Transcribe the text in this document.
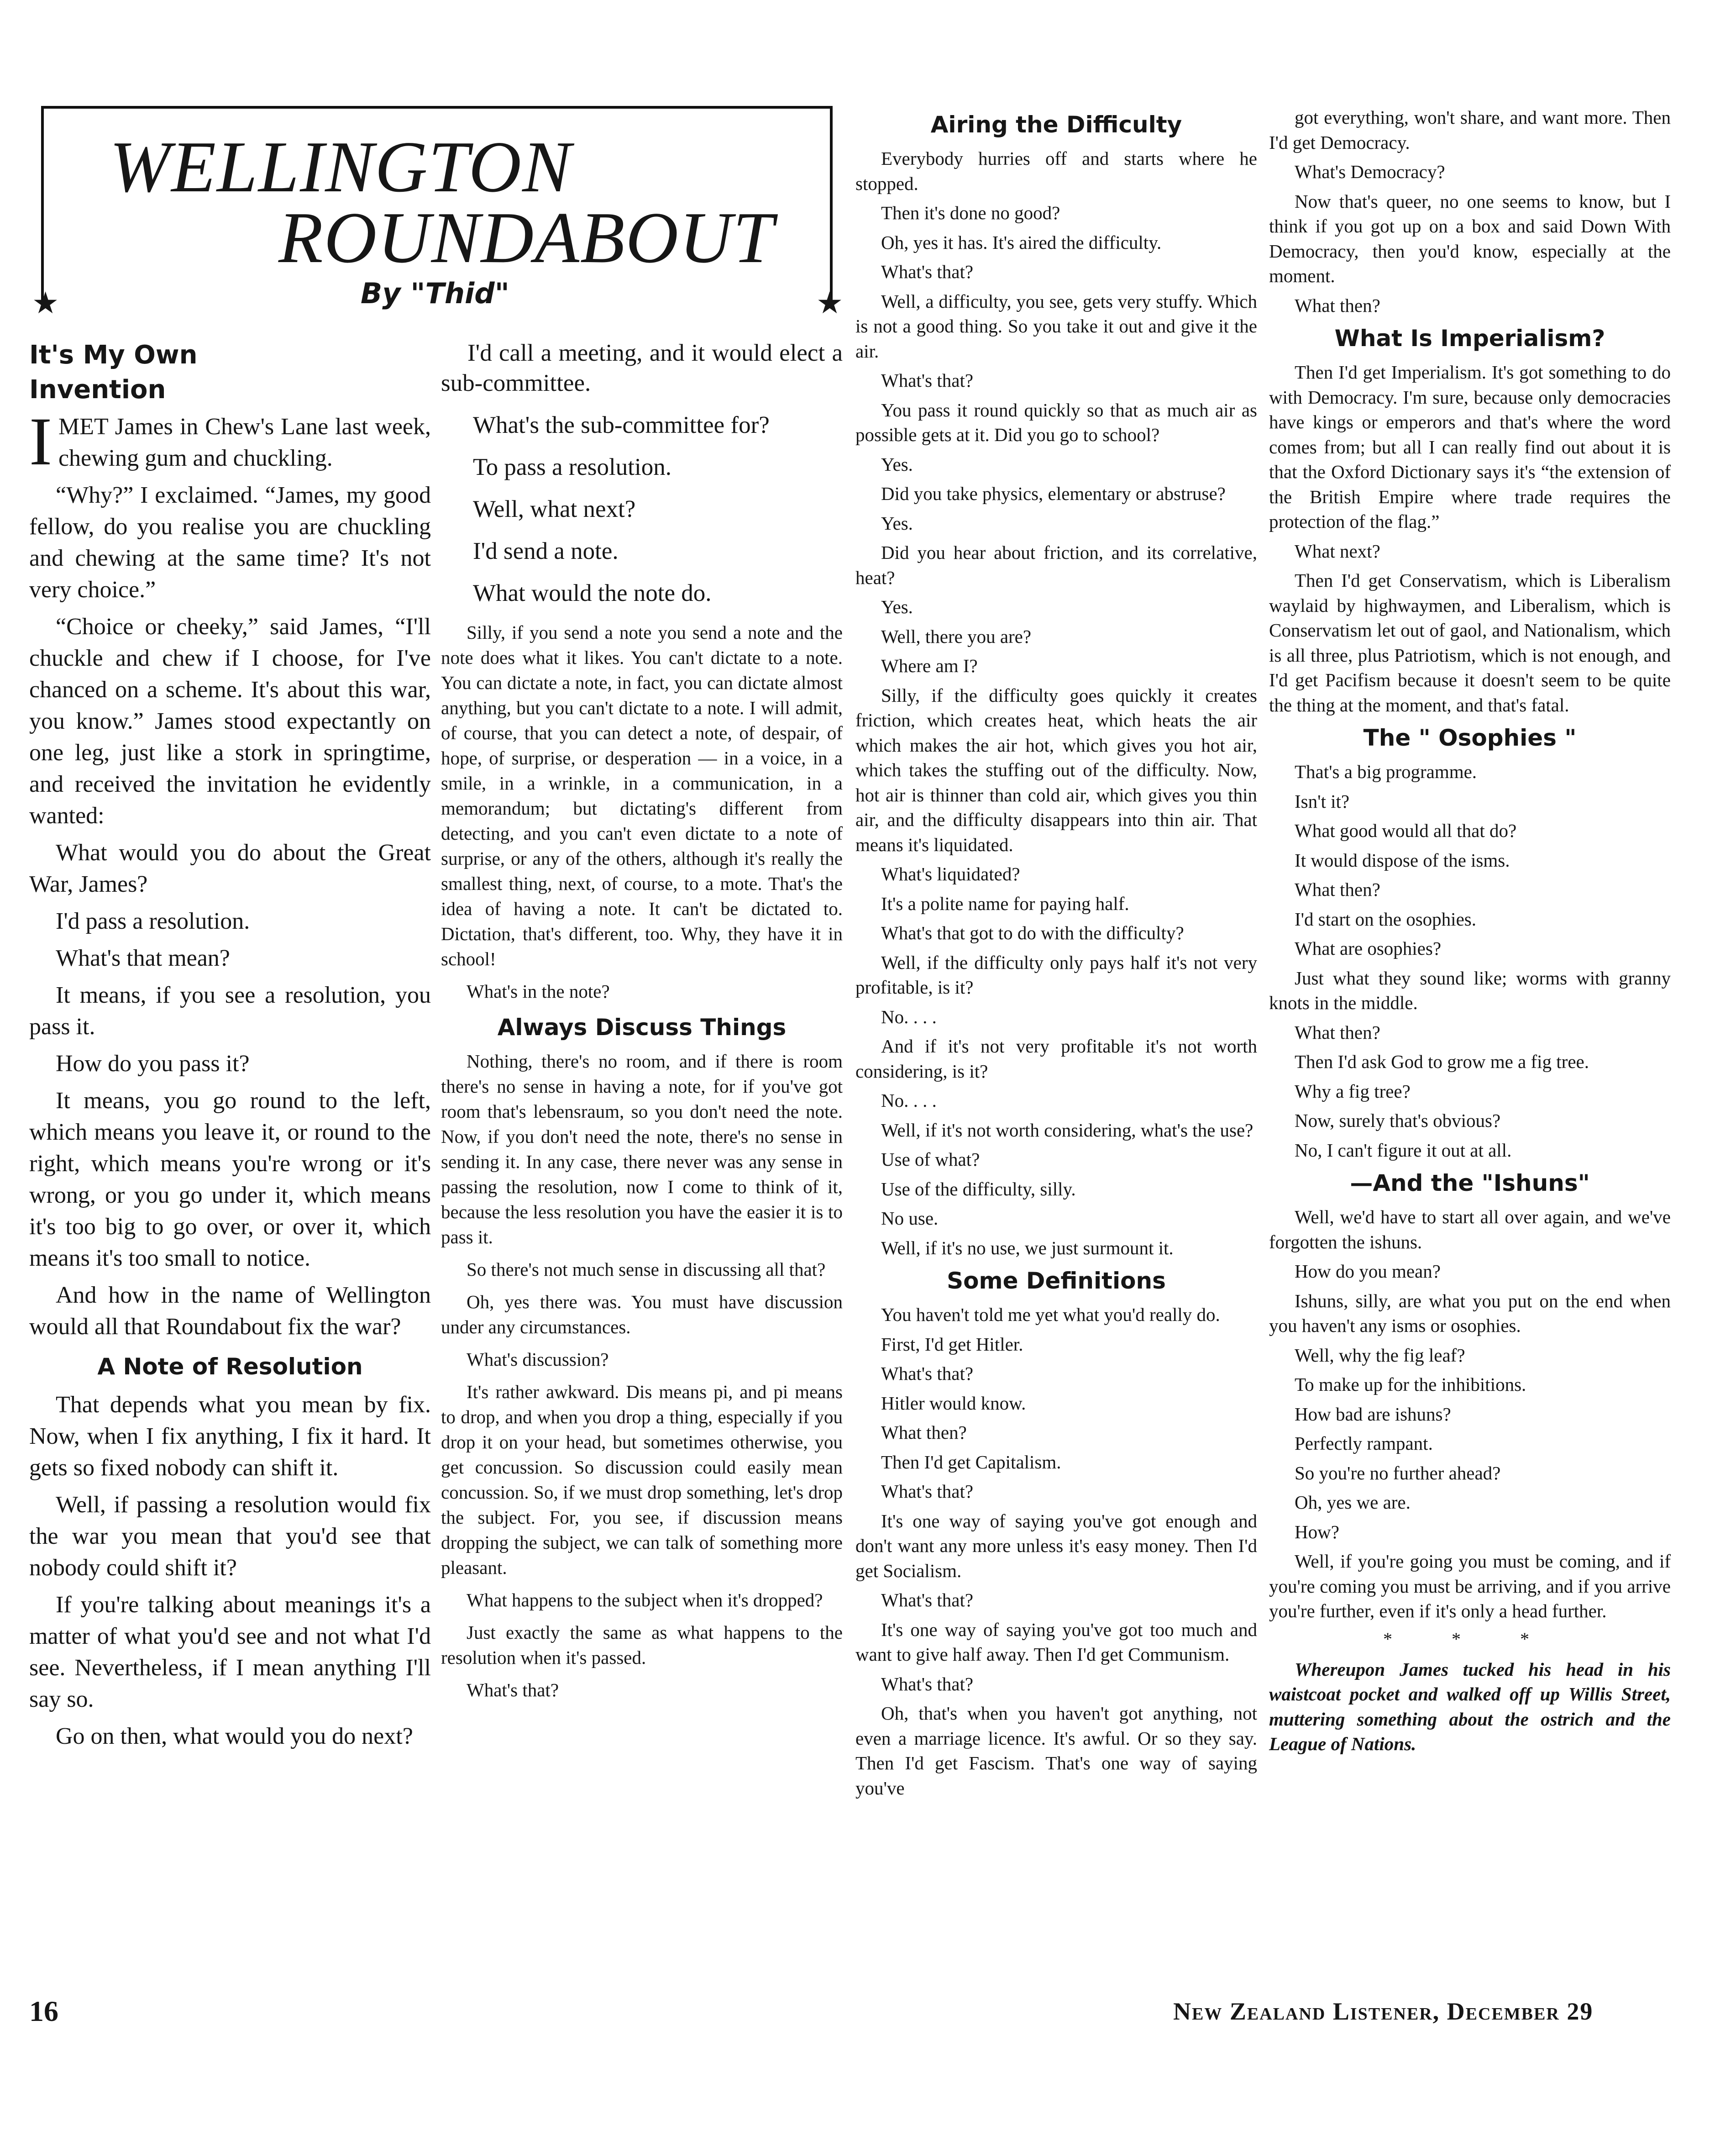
★	★
WELLINGTON
ROUNDABOUT
By "Thid"
It's My Own Invention

IMET James in Chew's Lane last week, chewing gum and chuckling.

“Why?” I exclaimed. “James, my good fellow, do you realise you are chuckling and chewing at the same time? It's not very choice.”

“Choice or cheeky,” said James, “I'll chuckle and chew if I choose, for I've chanced on a scheme. It's about this war, you know.” James stood expectantly on one leg, just like a stork in springtime, and received the invitation he evidently wanted:

What would you do about the Great War, James?

I'd pass a resolution.

What's that mean?

It means, if you see a resolution, you pass it.

How do you pass it?

It means, you go round to the left, which means you leave it, or round to the right, which means you're wrong or it's wrong, or you go under it, which means it's too big to go over, or over it, which means it's too small to notice.

And how in the name of Wellington would all that Roundabout fix the war?

A Note of Resolution

That depends what you mean by fix. Now, when I fix anything, I fix it hard. It gets so fixed nobody can shift it.

Well, if passing a resolution would fix the war you mean that you'd see that nobody could shift it?

If you're talking about meanings it's a matter of what you'd see and not what I'd see. Nevertheless, if I mean anything I'll say so.

Go on then, what would you do next?

I'd call a meeting, and it would elect a sub-committee.

What's the sub-committee for?

To pass a resolution.

Well, what next?

I'd send a note.

What would the note do.

Silly, if you send a note you send a note and the note does what it likes. You can't dictate to a note. You can dictate a note, in fact, you can dictate almost anything, but you can't dictate to a note. I will admit, of course, that you can detect a note, of despair, of hope, of surprise, or desperation — in a voice, in a smile, in a wrinkle, in a communication, in a memorandum; but dictating's different from detecting, and you can't even dictate to a note of surprise, or any of the others, although it's really the smallest thing, next, of course, to a mote. That's the idea of having a note. It can't be dictated to. Dictation, that's different, too. Why, they have it in school!

What's in the note?

Always Discuss Things

Nothing, there's no room, and if there is room there's no sense in having a note, for if you've got room that's lebensraum, so you don't need the note. Now, if you don't need the note, there's no sense in sending it. In any case, there never was any sense in passing the resolution, now I come to think of it, because the less resolution you have the easier it is to pass it.

So there's not much sense in discussing all that?

Oh, yes there was. You must have discussion under any circumstances.

What's discussion?

It's rather awkward. Dis means pi, and pi means to drop, and when you drop a thing, especially if you drop it on your head, but sometimes otherwise, you get concussion. So discussion could easily mean concussion. So, if we must drop something, let's drop the subject. For, you see, if discussion means dropping the subject, we can talk of something more pleasant.

What happens to the subject when it's dropped?

Just exactly the same as what happens to the resolution when it's passed.

What's that?

Airing the Difficulty

Everybody hurries off and starts where he stopped.

Then it's done no good?

Oh, yes it has. It's aired the difficulty.

What's that?

Well, a difficulty, you see, gets very stuffy. Which is not a good thing. So you take it out and give it the air.

What's that?

You pass it round quickly so that as much air as possible gets at it. Did you go to school?

Yes.

Did you take physics, elementary or abstruse?

Yes.

Did you hear about friction, and its correlative, heat?

Yes.

Well, there you are?

Where am I?

Silly, if the difficulty goes quickly it creates friction, which creates heat, which heats the air which makes the air hot, which gives you hot air, which takes the stuffing out of the difficulty. Now, hot air is thinner than cold air, which gives you thin air, and the difficulty disappears into thin air. That means it's liquidated.

What's liquidated?

It's a polite name for paying half.

What's that got to do with the difficulty?

Well, if the difficulty only pays half it's not very profitable, is it?

No. . . .

And if it's not very profitable it's not worth considering, is it?

No. . . .

Well, if it's not worth considering, what's the use?

Use of what?

Use of the difficulty, silly.

No use.

Well, if it's no use, we just surmount it.

Some Definitions

You haven't told me yet what you'd really do.

First, I'd get Hitler.

What's that?

Hitler would know.

What then?

Then I'd get Capitalism.

What's that?

It's one way of saying you've got enough and don't want any more unless it's easy money. Then I'd get Socialism.

What's that?

It's one way of saying you've got too much and want to give half away. Then I'd get Communism.

What's that?

Oh, that's when you haven't got anything, not even a marriage licence. It's awful. Or so they say. Then I'd get Fascism. That's one way of saying you've

got everything, won't share, and want more. Then I'd get Democracy.

What's Democracy?

Now that's queer, no one seems to know, but I think if you got up on a box and said Down With Democracy, then you'd know, especially at the moment.

What then?

What Is Imperialism?

Then I'd get Imperialism. It's got something to do with Democracy. I'm sure, because only democracies have kings or emperors and that's where the word comes from; but all I can really find out about it is that the Oxford Dictionary says it's “the extension of the British Empire where trade requires the protection of the flag.”

What next?

Then I'd get Conservatism, which is Liberalism waylaid by highwaymen, and Liberalism, which is Conservatism let out of gaol, and Nationalism, which is all three, plus Patriotism, which is not enough, and I'd get Pacifism because it doesn't seem to be quite the thing at the moment, and that's fatal.

The " Osophies "

That's a big programme.

Isn't it?

What good would all that do?

It would dispose of the isms.

What then?

I'd start on the osophies.

What are osophies?

Just what they sound like; worms with granny knots in the middle.

What then?

Then I'd ask God to grow me a fig tree.

Why a fig tree?

Now, surely that's obvious?

No, I can't figure it out at all.

—And the "Ishuns"

Well, we'd have to start all over again, and we've forgotten the ishuns.

How do you mean?

Ishuns, silly, are what you put on the end when you haven't any isms or osophies.

Well, why the fig leaf?

To make up for the inhibitions.

How bad are ishuns?

Perfectly rampant.

So you're no further ahead?

Oh, yes we are.

How?

Well, if you're going you must be coming, and if you're coming you must be arriving, and if you arrive you're further, even if it's only a head further.

* * *

Whereupon James tucked his head in his waistcoat pocket and walked off up Willis Street, muttering something about the ostrich and the League of Nations.

16	New Zealand Listener, December 29
